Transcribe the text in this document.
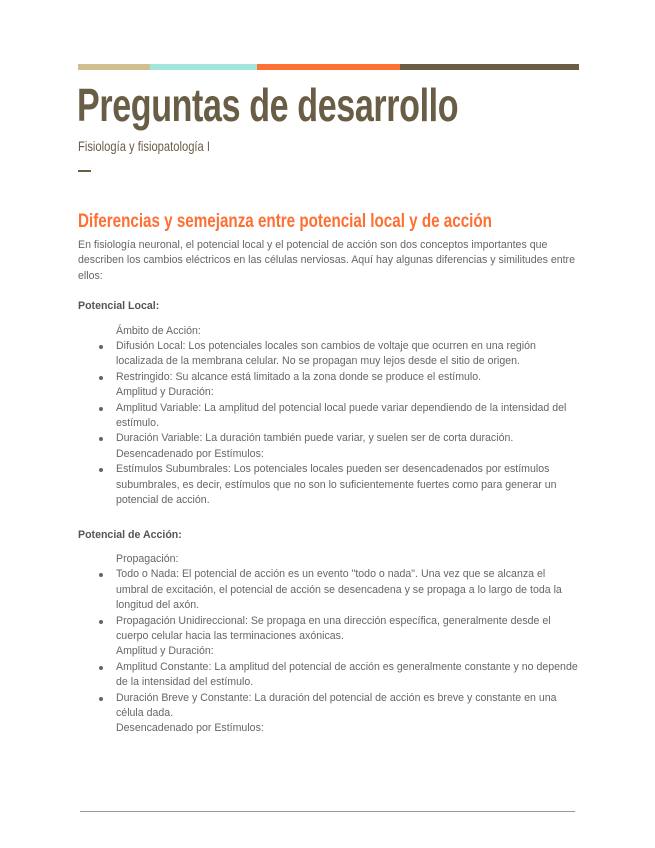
Preguntas de desarrollo
Fisiología y fisiopatología I
Diferencias y semejanza entre potencial local y de acción

En fisiología neuronal, el potencial local y el potencial de acción son dos conceptos importantes que describen los cambios eléctricos en las células nerviosas. Aquí hay algunas diferencias y similitudes entre ellos:

Potencial Local:

Ámbito de Acción:

Difusión Local: Los potenciales locales son cambios de voltaje que ocurren en una región localizada de la membrana celular. No se propagan muy lejos desde el sitio de origen.
Restringido: Su alcance está limitado a la zona donde se produce el estímulo.

Amplitud y Duración:

Amplitud Variable: La amplitud del potencial local puede variar dependiendo de la intensidad del estímulo.
Duración Variable: La duración también puede variar, y suelen ser de corta duración.

Desencadenado por Estímulos:

Estímulos Subumbrales: Los potenciales locales pueden ser desencadenados por estímulos subumbrales, es decir, estímulos que no son lo suficientemente fuertes como para generar un potencial de acción.

Potencial de Acción:

Propagación:

Todo o Nada: El potencial de acción es un evento "todo o nada". Una vez que se alcanza el umbral de excitación, el potencial de acción se desencadena y se propaga a lo largo de toda la longitud del axón.
Propagación Unidireccional: Se propaga en una dirección específica, generalmente desde el cuerpo celular hacia las terminaciones axónicas.

Amplitud y Duración:

Amplitud Constante: La amplitud del potencial de acción es generalmente constante y no depende de la intensidad del estímulo.
Duración Breve y Constante: La duración del potencial de acción es breve y constante en una célula dada.

Desencadenado por Estímulos:
